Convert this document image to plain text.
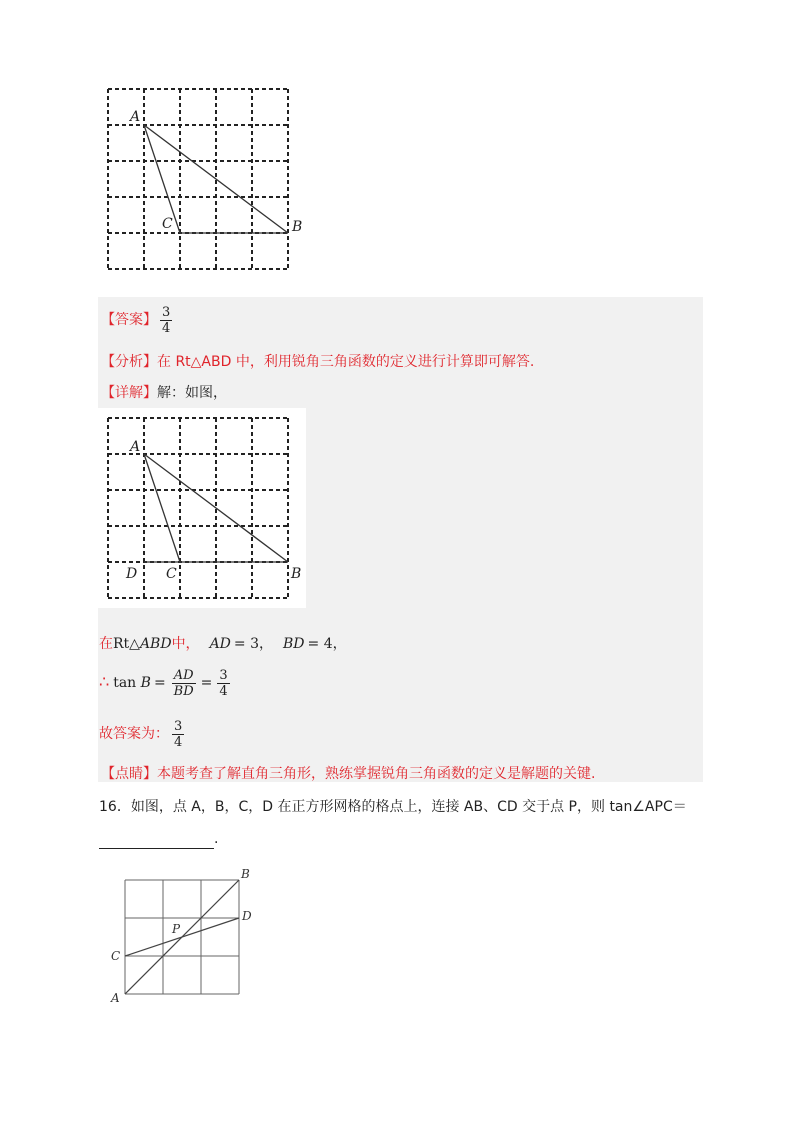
A
C	B
【答案】 $\frac{3}{4}$
【分析】在 Rt△ABD 中，利用锐角三角函数的定义进行计算即可解答.
【详解】解：如图，
A
D C	B
在Rt△ABD中， AD = 3， BD = 4，
∴ $\tan B = \frac{AD}{BD} = \frac{3}{4}$
故答案为： $\frac{3}{4}$
【点睛】本题考查了解直角三角形，熟练掌握锐角三角函数的定义是解题的关键.
16．如图，点 A，B，C，D 在正方形网格的格点上，连接 AB、CD 交于点 P，则 tan∠APC＝
.
B
D
P
C
A
